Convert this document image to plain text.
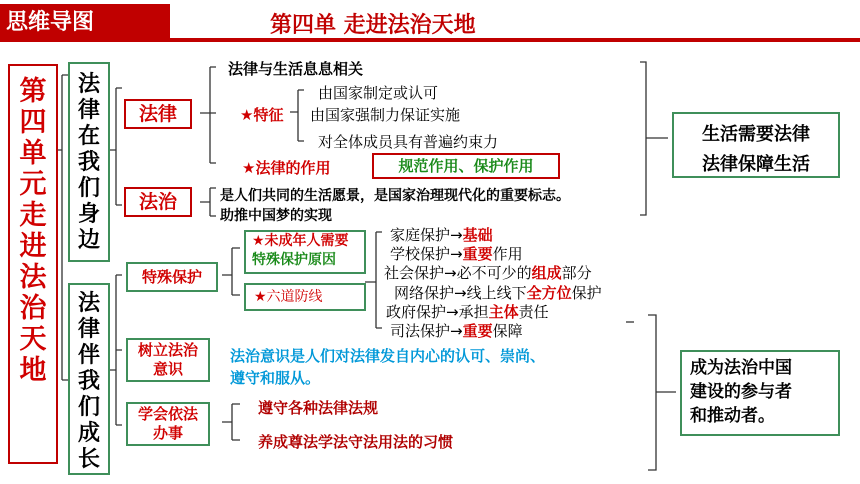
思维导图	第四单 走进法治天地
第四单元 走进法治天地
法律在我们身边
法律
法律与生活息息相关
★特征
由国家制定或认可
由国家强制力保证实施
对全体成员具有普遍约束力
★法律的作用	规范作用、保护作用
法治	是人们共同的生活愿景，是国家治理现代化的重要标志。
助推中国梦的实现
生活需要法律
法律保障生活
法律伴我们成长
特殊保护
★未成年人需要
特殊保护原因
★六道防线
家庭保护→基础
学校保护→重要作用
社会保护→必不可少的组成部分
网络保护→线上线下全方位保护
政府保护→承担主体责任
司法保护→重要保障
树立法治
意识
法治意识是人们对法律发自内心的认可、崇尚、
遵守和服从。
学会依法
办事
遵守各种法律法规
养成尊法学法守法用法的习惯
成为法治中国
建设的参与者
和推动者。
